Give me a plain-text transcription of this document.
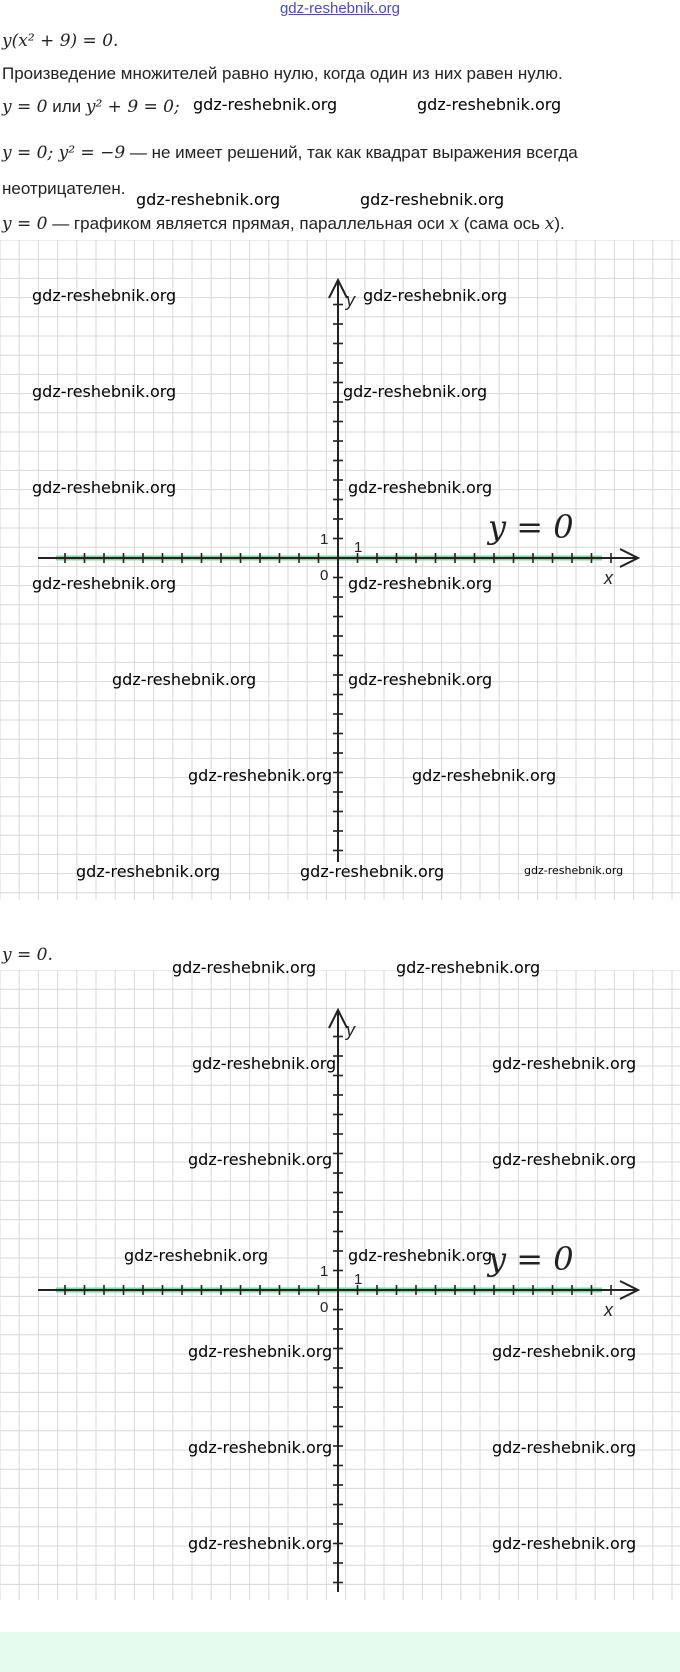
gdz-reshebnik.org
y(x² + 9) = 0.
Произведение множителей равно нулю, когда один из них равен нулю.
y = 0 или y² + 9 = 0;
y = 0; y² = −9 — не имеет решений, так как квадрат выражения всегда
неотрицателен.
y = 0 — графиком является прямая, параллельная оси x (сама ось x).
x
y
0
1 1
y = 0
y = 0.
x
y
0
1 1
y = 0
gdz-reshebnik.org	gdz-reshebnik.org
gdz-reshebnik.org	gdz-reshebnik.org
gdz-reshebnik.org	gdz-reshebnik.org
gdz-reshebnik.org	gdz-reshebnik.org
gdz-reshebnik.org	gdz-reshebnik.org
gdz-reshebnik.org	gdz-reshebnik.org
gdz-reshebnik.org	gdz-reshebnik.org
gdz-reshebnik.org	gdz-reshebnik.org
gdz-reshebnik.org	gdz-reshebnik.org	gdz-reshebnik.org
gdz-reshebnik.org	gdz-reshebnik.org
gdz-reshebnik.org	gdz-reshebnik.org
gdz-reshebnik.org	gdz-reshebnik.org
gdz-reshebnik.org	gdz-reshebnik.org
gdz-reshebnik.org	gdz-reshebnik.org
gdz-reshebnik.org	gdz-reshebnik.org
gdz-reshebnik.org	gdz-reshebnik.org
